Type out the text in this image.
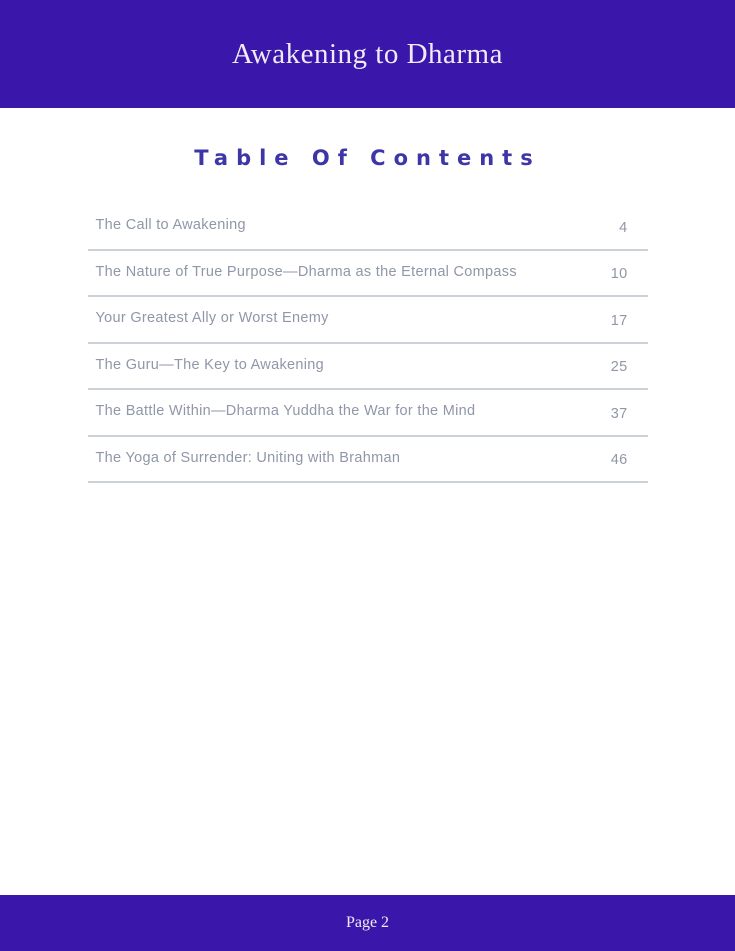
Awakening to Dharma
Table Of Contents
The Call to Awakening	4
The Nature of True Purpose—Dharma as the Eternal Compass	10
Your Greatest Ally or Worst Enemy	17
The Guru—The Key to Awakening	25
The Battle Within—Dharma Yuddha the War for the Mind	37
The Yoga of Surrender: Uniting with Brahman	46
Page 2
